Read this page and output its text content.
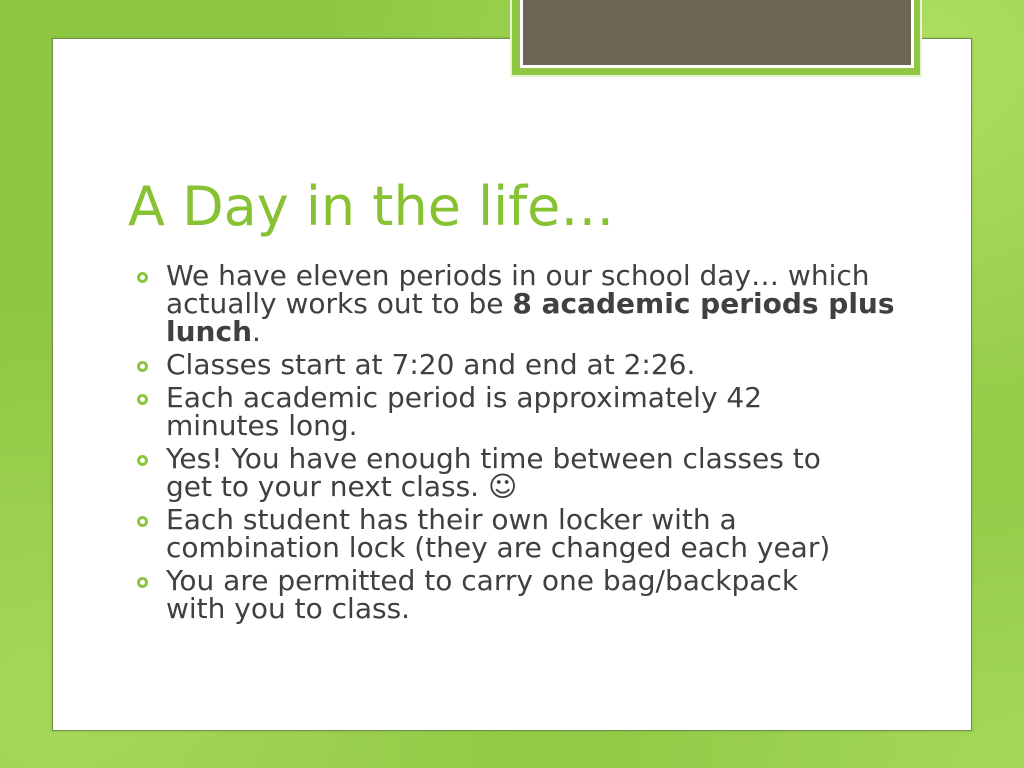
A Day in the life…
We have eleven periods in our school day… which
actually works out to be 8 academic periods plus
lunch.
Classes start at 7:20 and end at 2:26.
Each academic period is approximately 42
minutes long.
Yes! You have enough time between classes to
get to your next class. ☺
Each student has their own locker with a
combination lock (they are changed each year)
You are permitted to carry one bag/backpack
with you to class.
